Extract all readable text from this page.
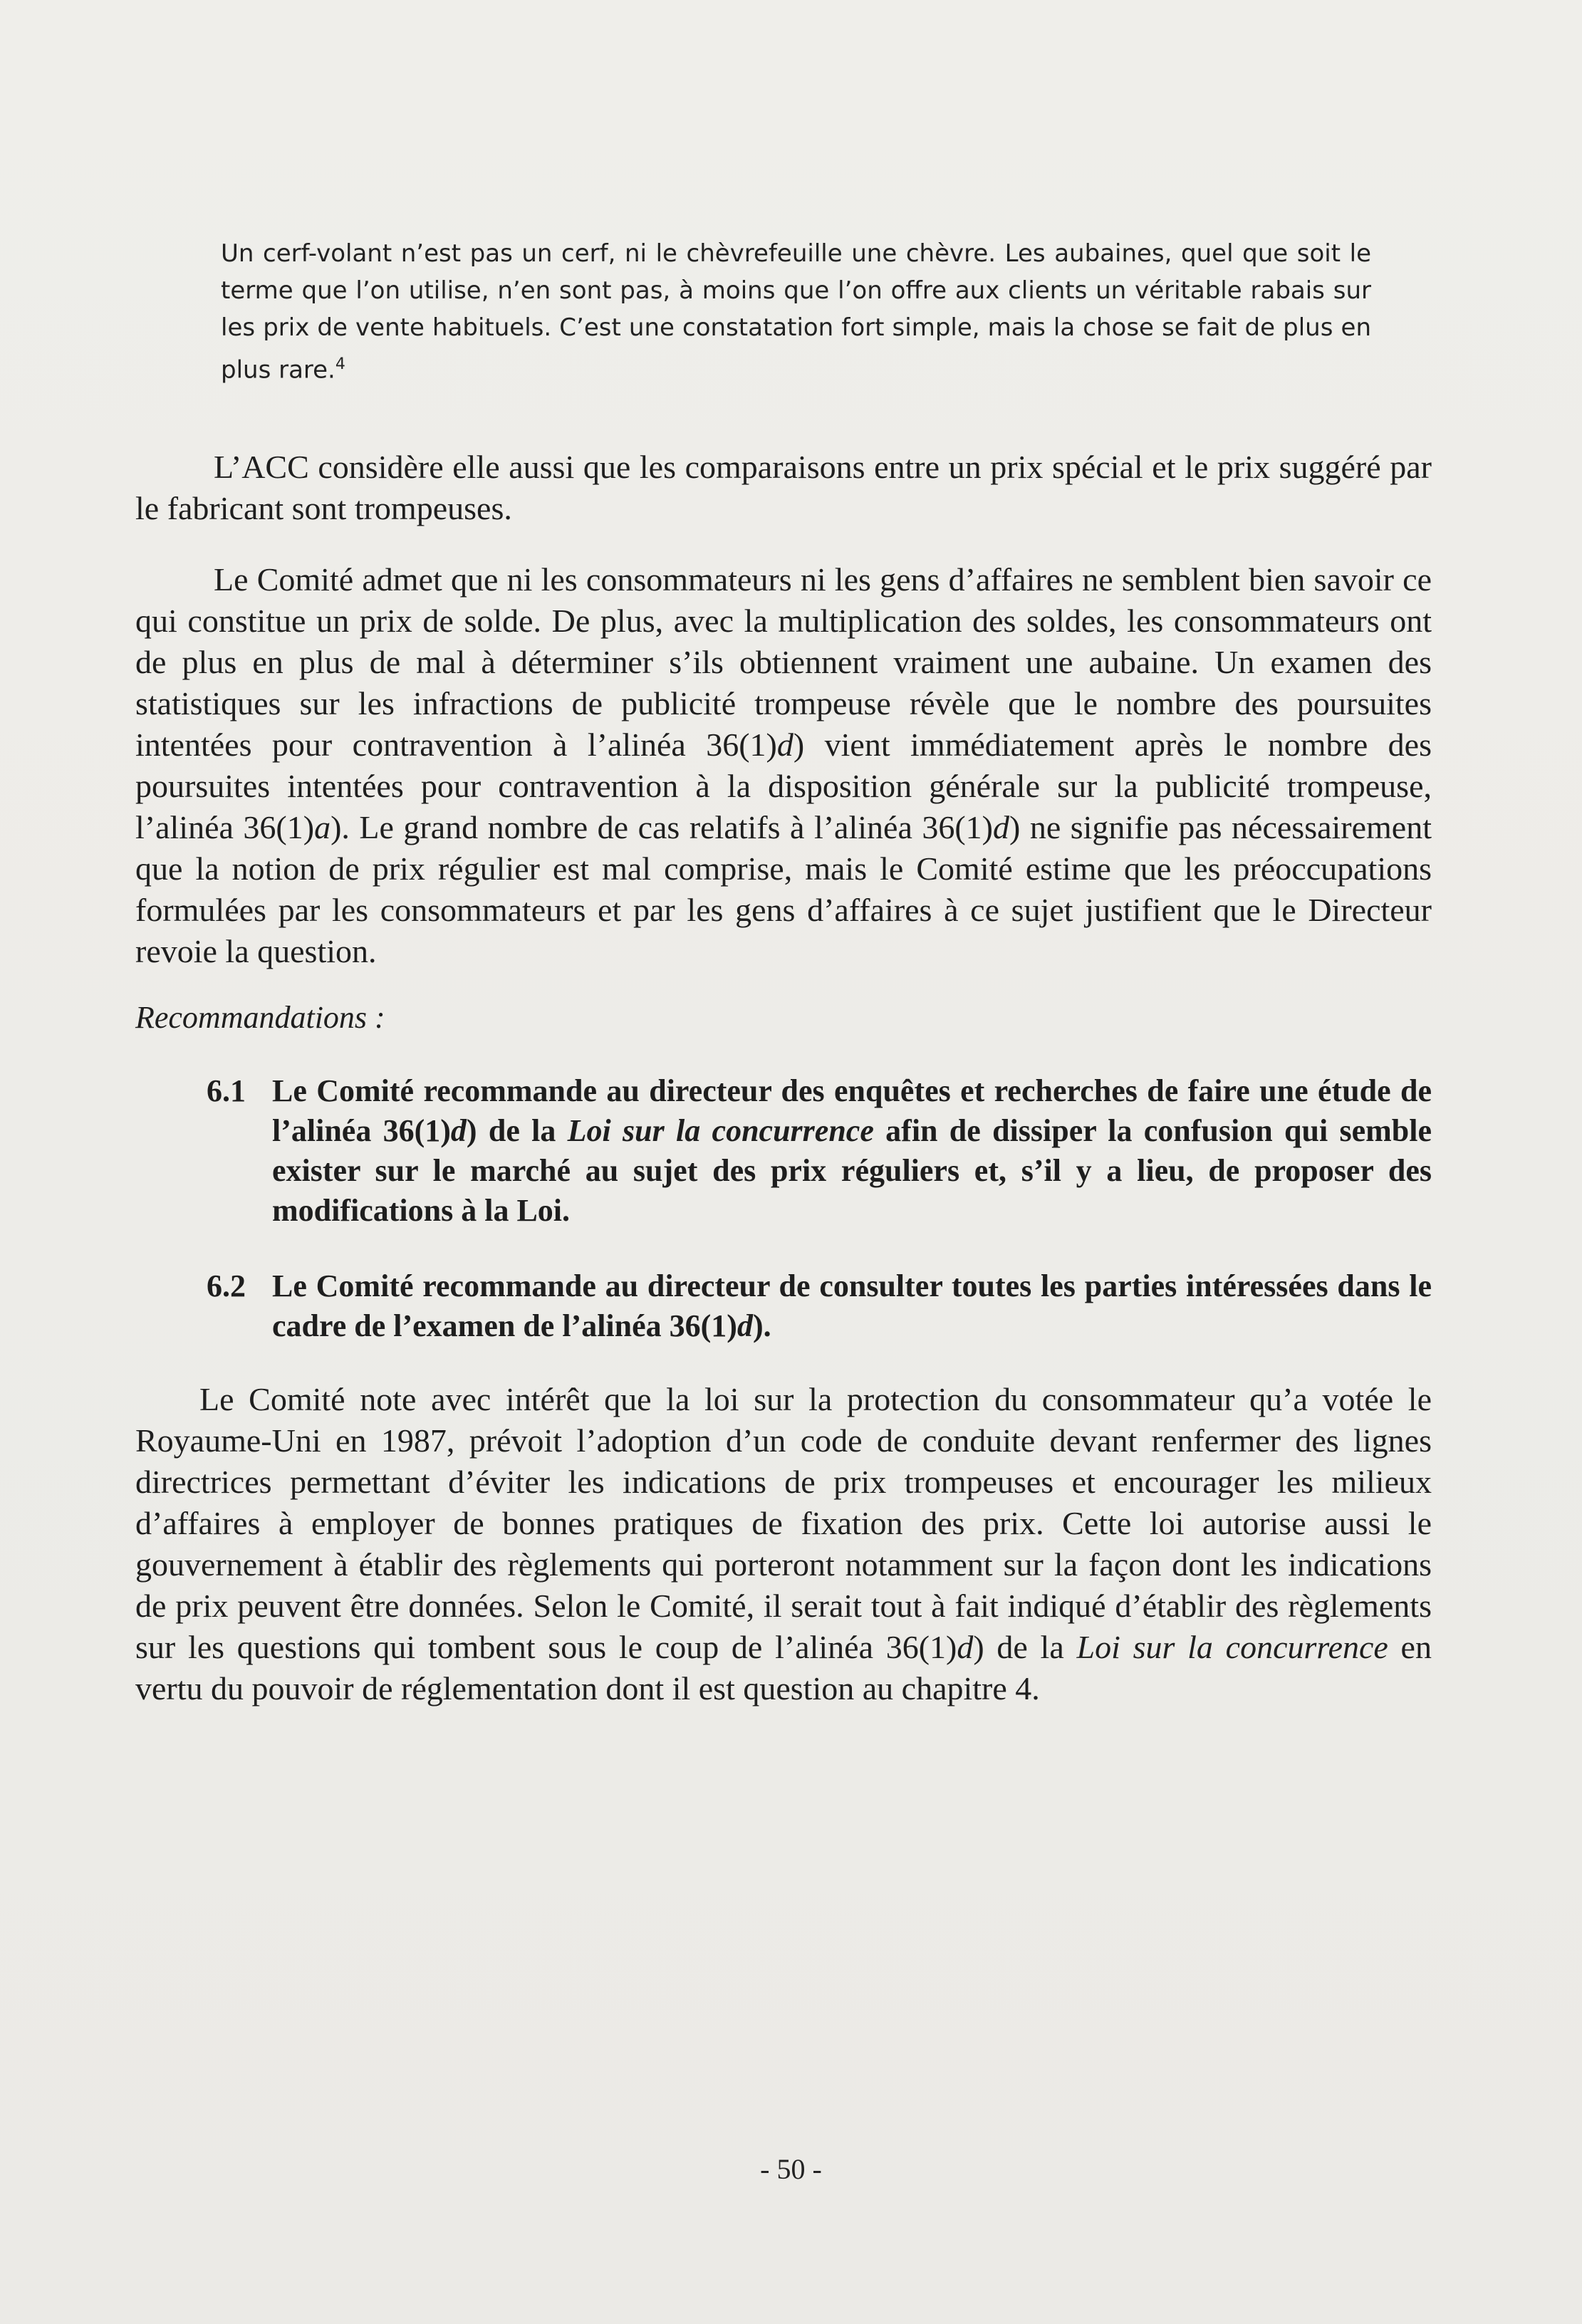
Un cerf-volant n’est pas un cerf, ni le chèvrefeuille une chèvre. Les aubaines, quel que soit le terme que l’on utilise, n’en sont pas, à moins que l’on offre aux clients un véritable rabais sur les prix de vente habituels. C’est une constatation fort simple, mais la chose se fait de plus en plus rare.$^4$

L’ACC considère elle aussi que les comparaisons entre un prix spécial et le prix suggéré par le fabricant sont trompeuses.

Le Comité admet que ni les consommateurs ni les gens d’affaires ne semblent bien savoir ce qui constitue un prix de solde. De plus, avec la multiplication des soldes, les consommateurs ont de plus en plus de mal à déterminer s’ils obtiennent vraiment une aubaine. Un examen des statistiques sur les infractions de publicité trompeuse révèle que le nombre des poursuites intentées pour contravention à l’alinéa 36(1)d) vient immédiatement après le nombre des poursuites intentées pour contravention à la disposition générale sur la publicité trompeuse, l’alinéa 36(1)a). Le grand nombre de cas relatifs à l’alinéa 36(1)d) ne signifie pas nécessairement que la notion de prix régulier est mal comprise, mais le Comité estime que les préoccupations formulées par les consommateurs et par les gens d’affaires à ce sujet justifient que le Directeur revoie la question.

Recommandations :
6.1 Le Comité recommande au directeur des enquêtes et recherches de faire une étude de l’alinéa 36(1)d) de la Loi sur la concurrence afin de dissiper la confusion qui semble exister sur le marché au sujet des prix réguliers et, s’il y a lieu, de proposer des modifications à la Loi.
6.2 Le Comité recommande au directeur de consulter toutes les parties intéressées dans le cadre de l’examen de l’alinéa 36(1)d).

Le Comité note avec intérêt que la loi sur la protection du consommateur qu’a votée le Royaume-Uni en 1987, prévoit l’adoption d’un code de conduite devant renfermer des lignes directrices permettant d’éviter les indications de prix trompeuses et encourager les milieux d’affaires à employer de bonnes pratiques de fixation des prix. Cette loi autorise aussi le gouvernement à établir des règlements qui porteront notamment sur la façon dont les indications de prix peuvent être données. Selon le Comité, il serait tout à fait indiqué d’établir des règlements sur les questions qui tombent sous le coup de l’alinéa 36(1)d) de la Loi sur la concurrence en vertu du pouvoir de réglementation dont il est question au chapitre 4.

- 50 -
